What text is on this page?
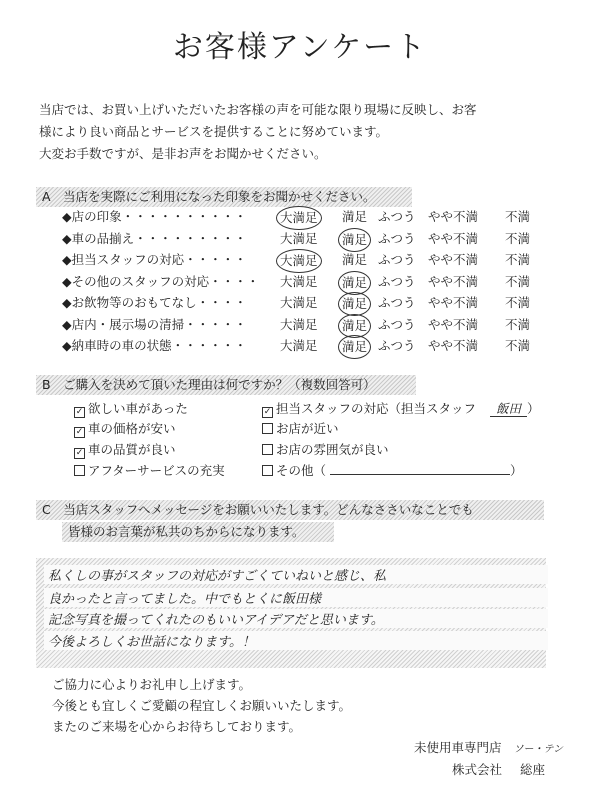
お客様アンケート
当店では、お買い上げいただいたお客様の声を可能な限り現場に反映し、お客
様により良い商品とサービスを提供することに努めています。
大変お手数ですが、是非お声をお聞かせください。
A　当店を実際にご利用になった印象をお聞かせください。
◆店の印象・・・・・・・・・・	大満足	満足 ふつう やや不満 不満
◆車の品揃え・・・・・・・・・	大満足	満足 ふつう やや不満 不満
◆担当スタッフの対応・・・・・	大満足	満足 ふつう やや不満 不満
◆その他のスタッフの対応・・・・ 大満足	満足 ふつう やや不満 不満
◆お飲物等のおもてなし・・・・	大満足	満足 ふつう やや不満 不満
◆店内・展示場の清掃・・・・・	大満足	満足 ふつう やや不満 不満
◆納車時の車の状態・・・・・・	大満足	満足 ふつう やや不満 不満
B　ご購入を決めて頂いた理由は何ですか？（複数回答可）
✓ 欲しい車があった
✓ 車の価格が安い
✓ 車の品質が良い
アフターサービスの充実
✓ 担当スタッフの対応（担当スタッフ 飯田 ）
お店が近い
お店の雰囲気が良い
その他（	）
C　当店スタッフへメッセージをお願いいたします。どんなささいなことでも
皆様のお言葉が私共のちからになります。
私くしの事がスタッフの対応がすごくていねいと感じ、私
良かったと言ってました。中でもとくに飯田様
記念写真を撮ってくれたのもいいアイデアだと思います。
今後よろしくお世話になります。！
ご協力に心よりお礼申し上げます。
今後とも宜しくご愛顧の程宜しくお願いいたします。
またのご来場を心からお待ちしております。
未使用車専門店 ソー・テン
株式会社 総座
